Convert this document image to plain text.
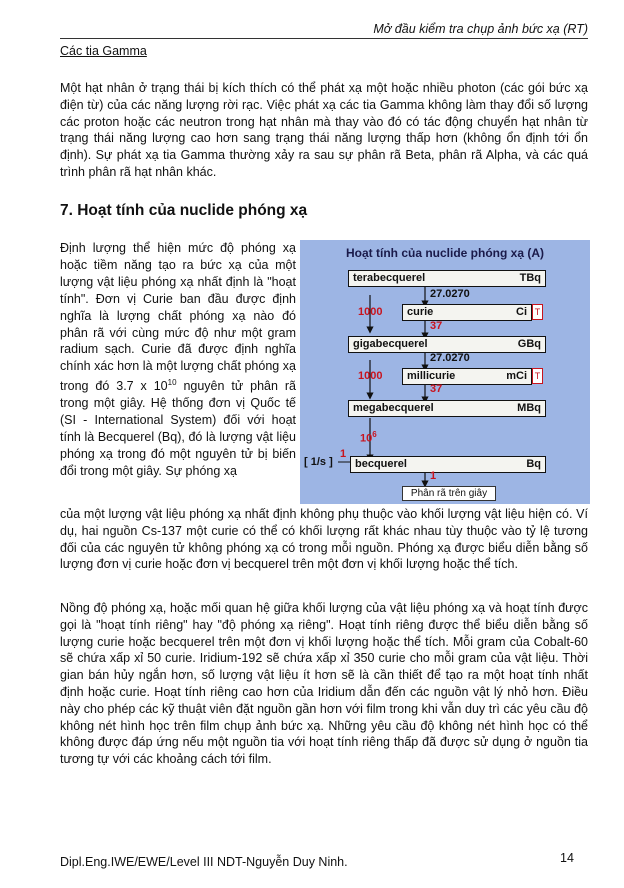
Mở đầu kiểm tra chụp ảnh bức xạ (RT)
Các tia Gamma

Một hạt nhân ở trạng thái bị kích thích có thể phát xạ một hoặc nhiều photon (các gói bức xạ điện từ) của các năng lượng rời rạc. Việc phát xạ các tia Gamma không làm thay đổi số lượng các proton hoặc các neutron trong hạt nhân mà thay vào đó có tác động chuyển hạt nhân từ trạng thái năng lượng cao hơn sang trạng thái năng lượng thấp hơn (không ổn định tới ổn định). Sự phát xạ tia Gamma thường xảy ra sau sự phân rã Beta, phân rã Alpha, và các quá trình phân rã hạt nhân khác.

7. Hoạt tính của nuclide phóng xạ

Định lượng thể hiện mức độ phóng xạ hoặc tiềm năng tạo ra bức xạ của một lượng vật liệu phóng xạ nhất định là "hoạt tính". Đơn vị Curie ban đầu được định nghĩa là lượng chất phóng xạ nào đó phân rã với cùng mức độ như một gram radium sạch. Curie đã được định nghĩa chính xác hơn là một lượng chất phóng xạ trong đó 3.7 x $10^{10}$ nguyên tử phân rã trong một giây. Hệ thống đơn vị Quốc tế (SI - International System) đối với hoạt tính là Becquerel (Bq), đó là lượng vật liệu phóng xạ trong đó một nguyên tử bị biến đổi trong một giây. Sự phóng xạ

Hoạt tính của nuclide phóng xạ (A)
terabecquerel	TBq
curie	Ci T
gigabecquerel	GBq
millicurie	mCi T
megabecquerel	MBq
becquerel	Bq
27.0270
1000
37
27.0270
1000
37
$10^6$
[ 1/s ]
1
1
Phân rã trên giây

của một lượng vật liệu phóng xạ nhất định không phụ thuộc vào khối lượng vật liệu hiện có. Ví dụ, hai nguồn Cs-137 một curie có thể có khối lượng rất khác nhau tùy thuộc vào tỷ lệ tương đối của các nguyên tử không phóng xạ có trong mỗi nguồn. Phóng xạ được biểu diễn bằng số lượng đơn vị curie hoặc đơn vị becquerel trên một đơn vị khối lượng hoặc thể tích.

Nồng độ phóng xạ, hoặc mối quan hệ giữa khối lượng của vật liệu phóng xạ và hoạt tính được gọi là "hoạt tính riêng" hay "độ phóng xạ riêng". Hoạt tính riêng được thể biểu diễn bằng số lượng curie hoặc becquerel trên một đơn vị khối lượng hoặc thể tích. Mỗi gram của Cobalt-60 sẽ chứa xấp xỉ 50 curie. Iridium-192 sẽ chứa xấp xỉ 350 curie cho mỗi gram của vật liệu. Thời gian bán hủy ngắn hơn, số lượng vật liệu ít hơn sẽ là cần thiết để tạo ra một hoạt tính nhất định hoặc curie. Hoạt tính riêng cao hơn của Iridium dẫn đến các nguồn vật lý nhỏ hơn. Điều này cho phép các kỹ thuật viên đặt nguồn gần hơn với film trong khi vẫn duy trì các yêu cầu độ không nét hình học trên film chụp ảnh bức xạ. Những yêu cầu độ không nét hình học có thể không được đáp ứng nếu một nguồn tia với hoạt tính riêng thấp đã được sử dụng ở nguồn tia tương tự với các khoảng cách tới film.

Dipl.Eng.IWE/EWE/Level III NDT-Nguyễn Duy Ninh.	14
